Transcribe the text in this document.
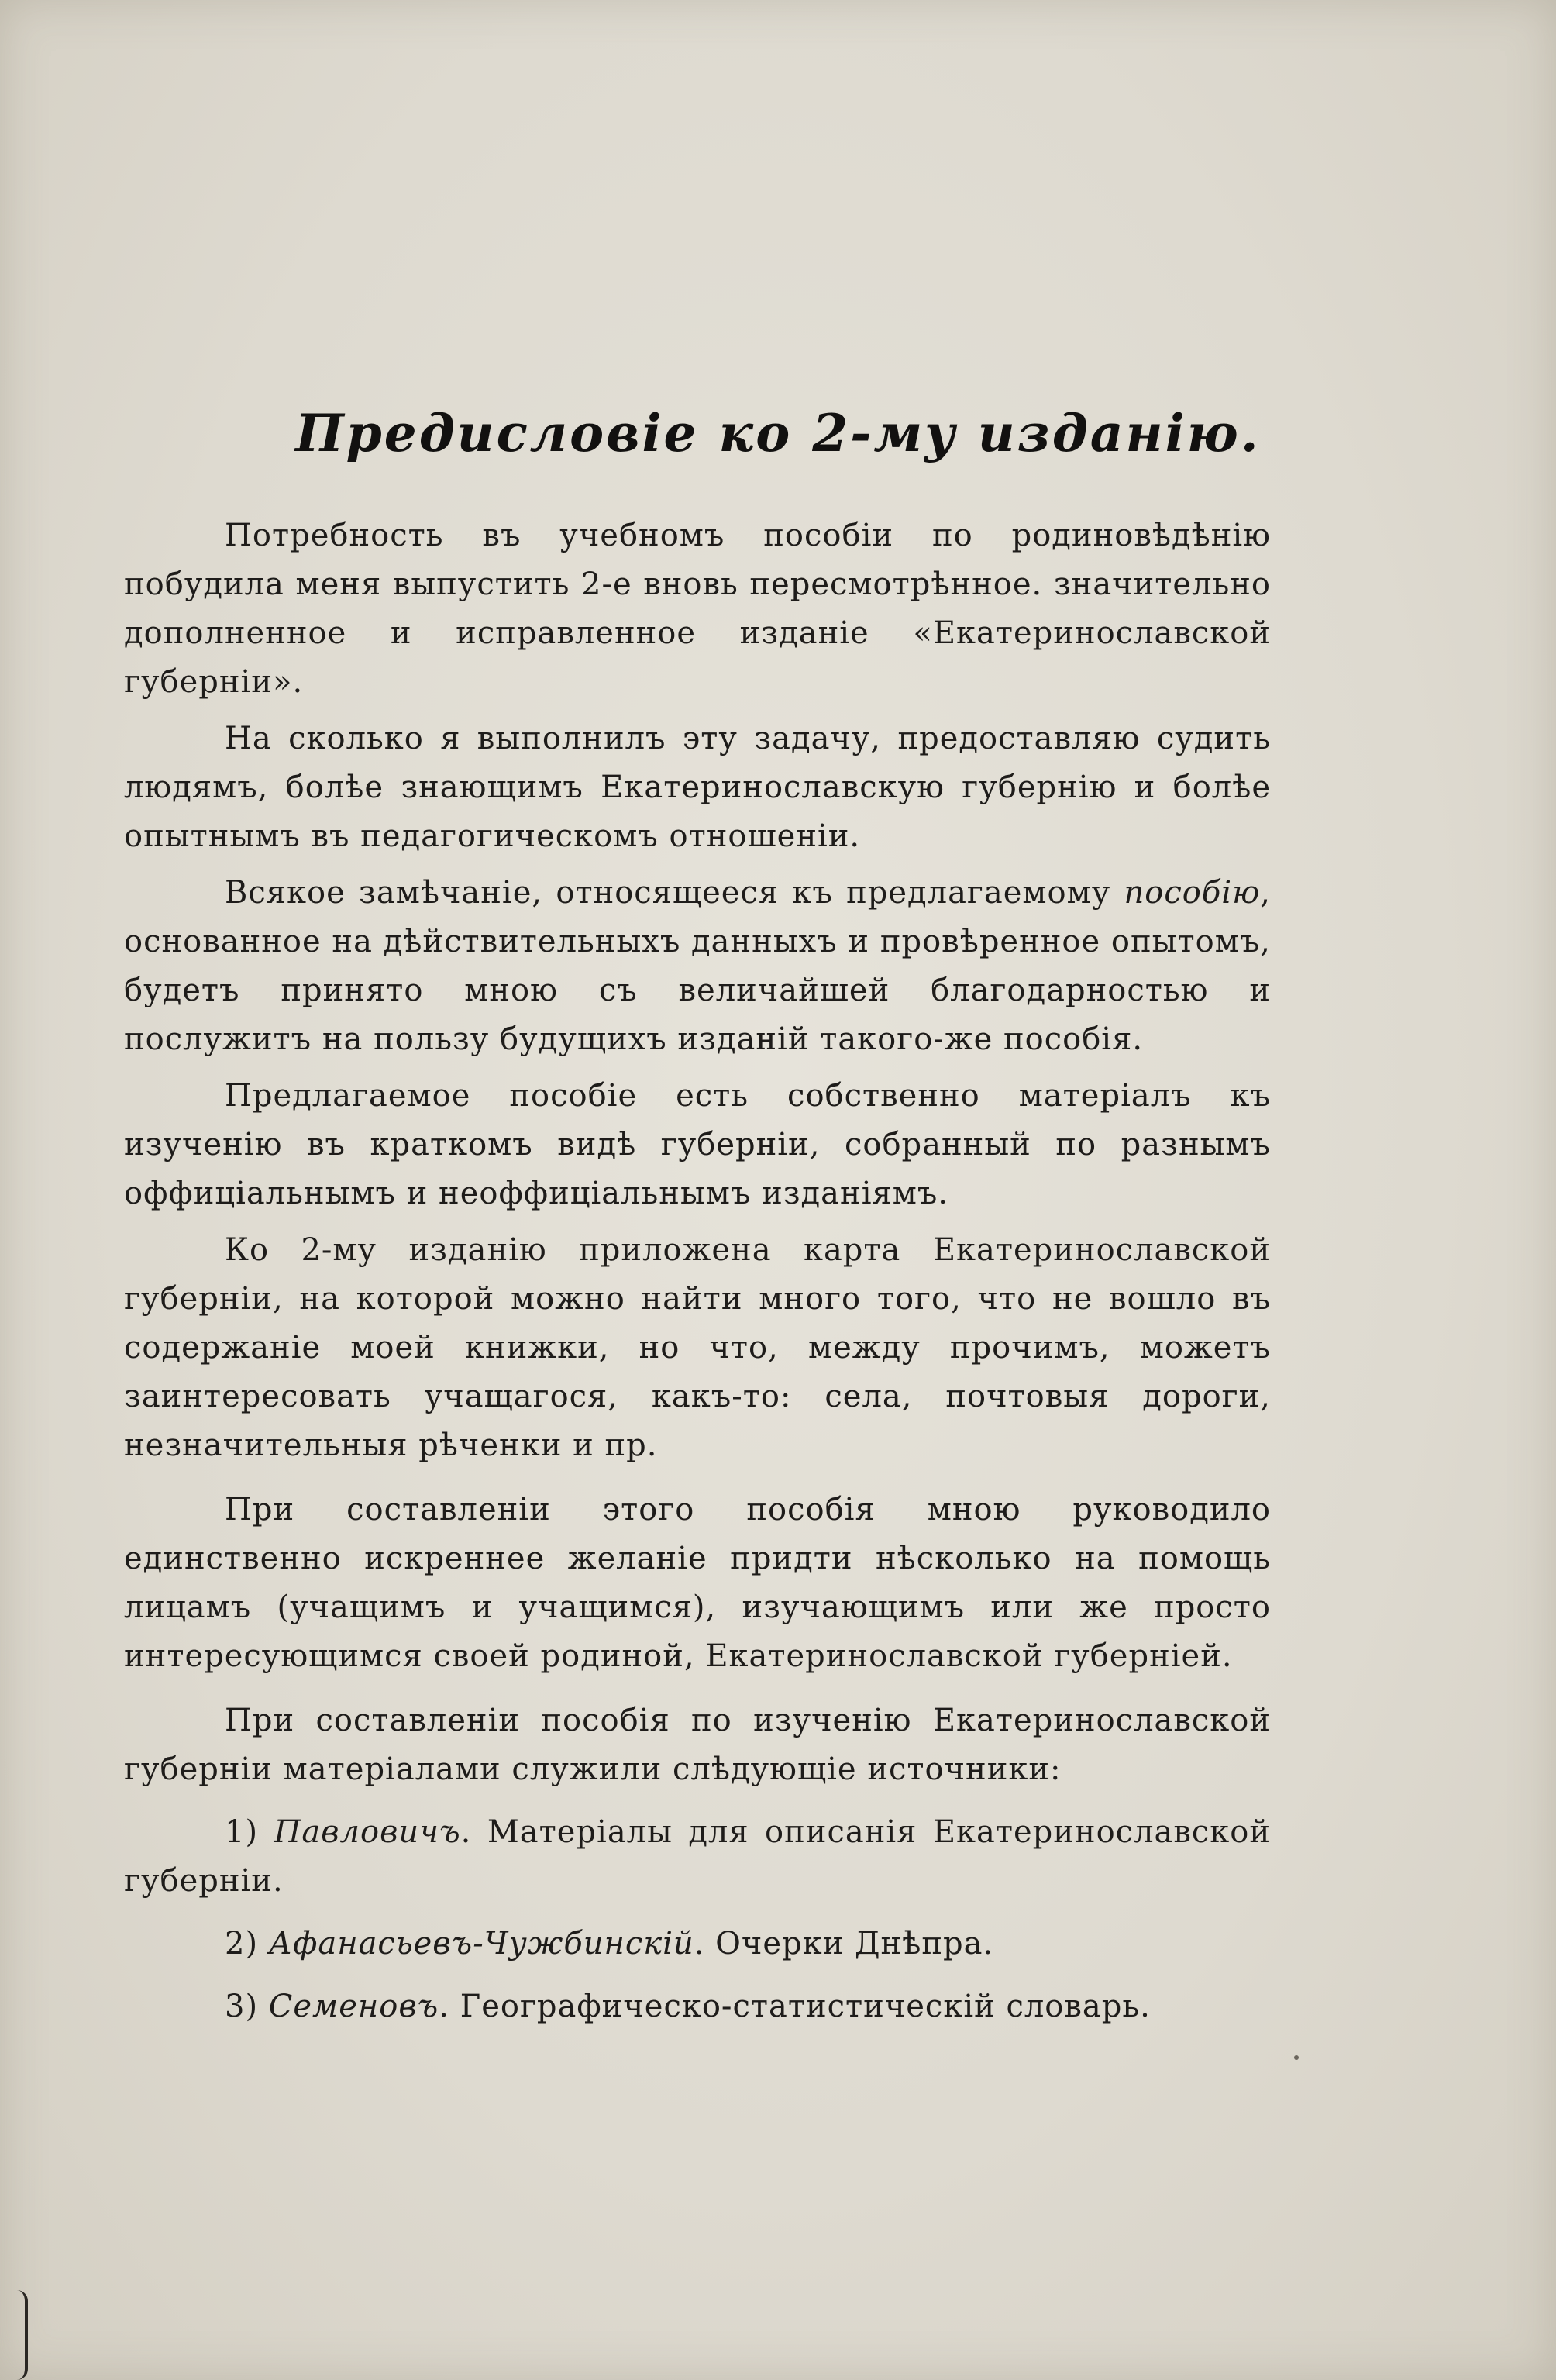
Предисловіе ко 2-му изданію.

Потребность въ учебномъ пособіи по родиновѣдѣнію побудила меня выпустить 2-е вновь пересмотрѣнное. значительно дополненное и исправленное изданіе «Екатеринославской губерніи».

На сколько я выполнилъ эту задачу, предоставляю судить людямъ, болѣе знающимъ Екатеринославскую губернію и болѣе опытнымъ въ педагогическомъ отношеніи.

Всякое замѣчаніе, относящееся къ предлагаемому пособію, основанное на дѣйствительныхъ данныхъ и провѣренное опытомъ, будетъ принято мною съ величайшей благодарностью и послужитъ на пользу будущихъ изданій такого-же пособія.

Предлагаемое пособіе есть собственно матеріалъ къ изученію въ краткомъ видѣ губерніи, собранный по разнымъ оффиціальнымъ и неоффиціальнымъ изданіямъ.

Ко 2-му изданію приложена карта Екатеринославской губерніи, на которой можно найти много того, что не вошло въ содержаніе моей книжки, но что, между прочимъ, можетъ заинтересовать учащагося, какъ-то: села, почтовыя дороги, незначительныя рѣченки и пр.

При составленіи этого пособія мною руководило единственно искреннее желаніе придти нѣсколько на помощь лицамъ (учащимъ и учащимся), изучающимъ или же просто интересующимся своей родиной, Екатеринославской губерніей.

При составленіи пособія по изученію Екатеринославской губерніи матеріалами служили слѣдующіе источники:

1) Павловичъ. Матеріалы для описанія Екатеринославской губерніи.

2) Афанасьевъ-Чужбинскій. Очерки Днѣпра.

3) Семеновъ. Географическо-статистическій словарь.
